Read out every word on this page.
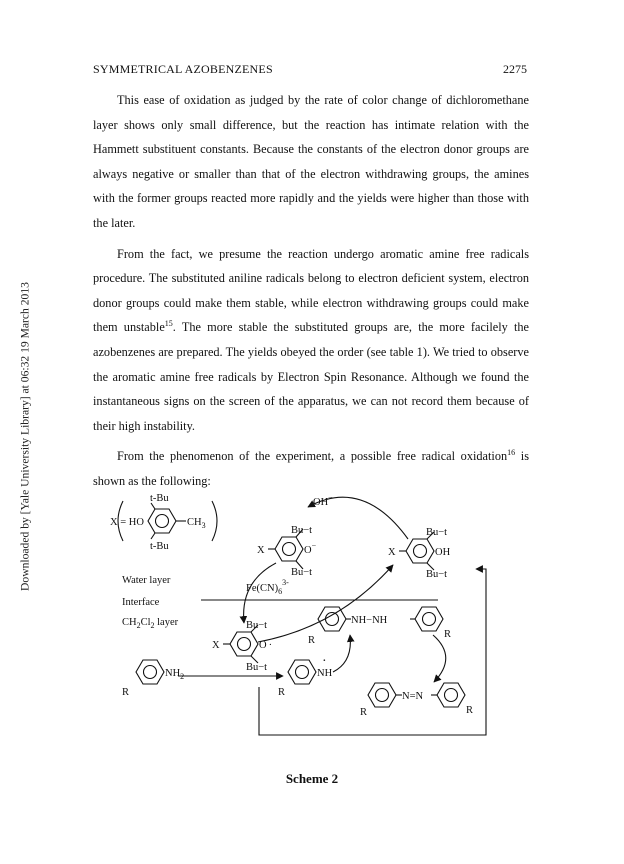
Downloaded by [Yale University Library] at 06:32 19 March 2013
SYMMETRICAL AZOBENZENES	2275

This ease of oxidation as judged by the rate of color change of dichloromethane layer shows only small difference, but the reaction has intimate relation with the Hammett substituent constants. Because the constants of the electron donor groups are always negative or smaller than that of the electron withdrawing groups, the amines with the former groups reacted more rapidly and the yields were higher than those with the later.

From the fact, we presume the reaction undergo aromatic amine free radicals procedure. The substituted aniline radicals belong to electron deficient system, electron donor groups could make them stable, while electron withdrawing groups could make them unstable$^{15}$. The more stable the substituted groups are, the more facilely the azobenzenes are prepared. The yields obeyed the order (see table 1). We tried to observe the aromatic amine free radicals by Electron Spin Resonance. Although we found the instantaneous signs on the screen of the apparatus, we can not record them because of their high instability.

From the phenomenon of the experiment, a possible free radical oxidation$^{16}$ is shown as the following:

t-Bu
t-Bu
X = HO	$CH_3$
OH−
Bu−t
X	O−
Bu−t
Bu−t
X	OH
Bu−t
$Fe(CN)_6^{3-}$
Water layer
Interface
$CH_2Cl_2$ layer	Bu−t
X	O ·
Bu−t
R
NH−NH
R
$NH_2$
R
NH
·
R	N=N
R	R
Scheme 2
